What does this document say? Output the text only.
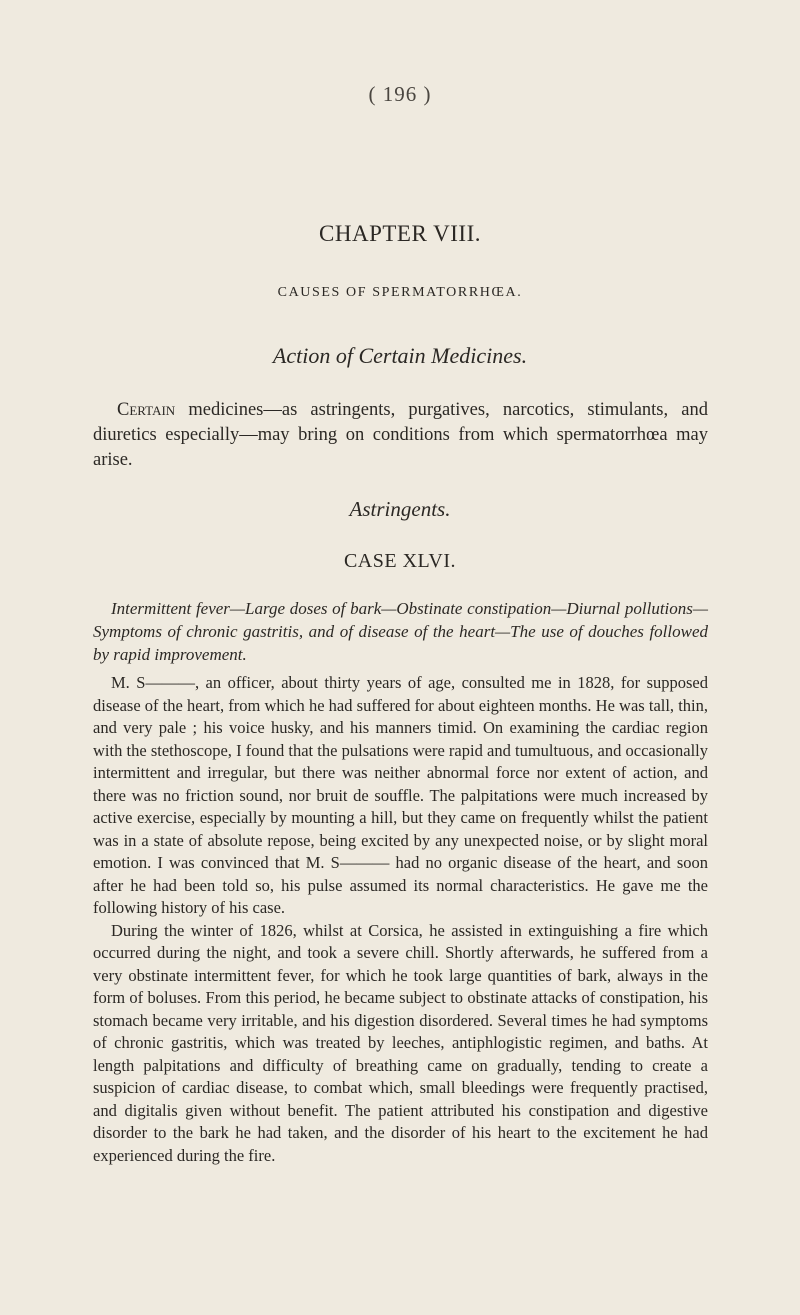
( 196 )
CHAPTER VIII.
CAUSES OF SPERMATORRHŒA.
Action of Certain Medicines.
Certain medicines—as astringents, purgatives, narcotics, stimulants, and diuretics especially—may bring on conditions from which spermatorrhœa may arise.
Astringents.
CASE XLVI.
Intermittent fever—Large doses of bark—Obstinate constipation—Diurnal pollutions—Symptoms of chronic gastritis, and of disease of the heart—The use of douches followed by rapid improvement.

M. S———, an officer, about thirty years of age, consulted me in 1828, for supposed disease of the heart, from which he had suffered for about eighteen months. He was tall, thin, and very pale ; his voice husky, and his manners timid. On examining the cardiac region with the stethoscope, I found that the pulsations were rapid and tumultuous, and occasionally intermittent and irregular, but there was neither abnormal force nor extent of action, and there was no friction sound, nor bruit de souffle. The palpitations were much increased by active exercise, especially by mounting a hill, but they came on frequently whilst the patient was in a state of absolute repose, being excited by any unexpected noise, or by slight moral emotion. I was convinced that M. S——— had no organic disease of the heart, and soon after he had been told so, his pulse assumed its normal characteristics. He gave me the following history of his case.

During the winter of 1826, whilst at Corsica, he assisted in extinguishing a fire which occurred during the night, and took a severe chill. Shortly afterwards, he suffered from a very obstinate intermittent fever, for which he took large quantities of bark, always in the form of boluses. From this period, he became subject to obstinate attacks of constipation, his stomach became very irritable, and his digestion disordered. Several times he had symptoms of chronic gastritis, which was treated by leeches, antiphlogistic regimen, and baths. At length palpitations and difficulty of breathing came on gradually, tending to create a suspicion of cardiac disease, to combat which, small bleedings were frequently practised, and digitalis given without benefit. The patient attributed his constipation and digestive disorder to the bark he had taken, and the disorder of his heart to the excitement he had experienced during the fire.
